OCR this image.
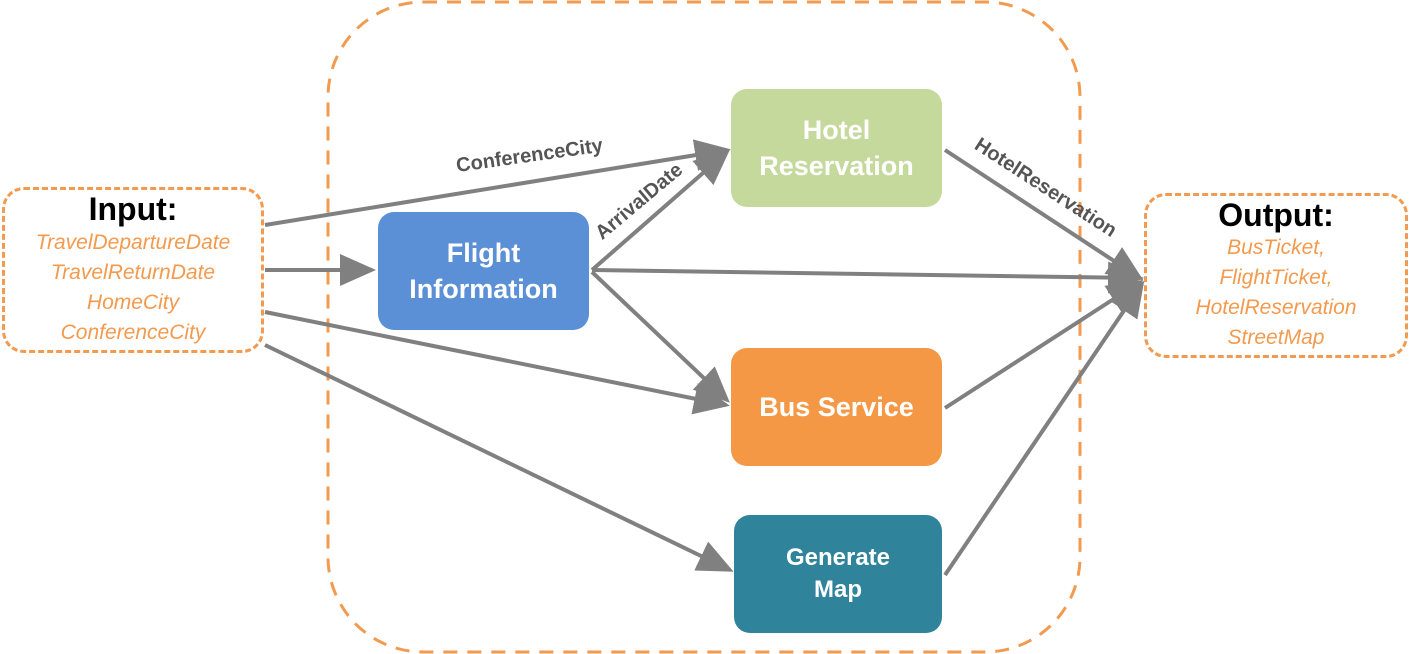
ConferenceCity
ArrivalDate	HotelReservation
Input:
TravelDepartureDate
TravelReturnDate
HomeCity
ConferenceCity
Output:
BusTicket,
FlightTicket,
HotelReservation
StreetMap
Flight
Information
Hotel
Reservation
Bus Service
Generate
Map
